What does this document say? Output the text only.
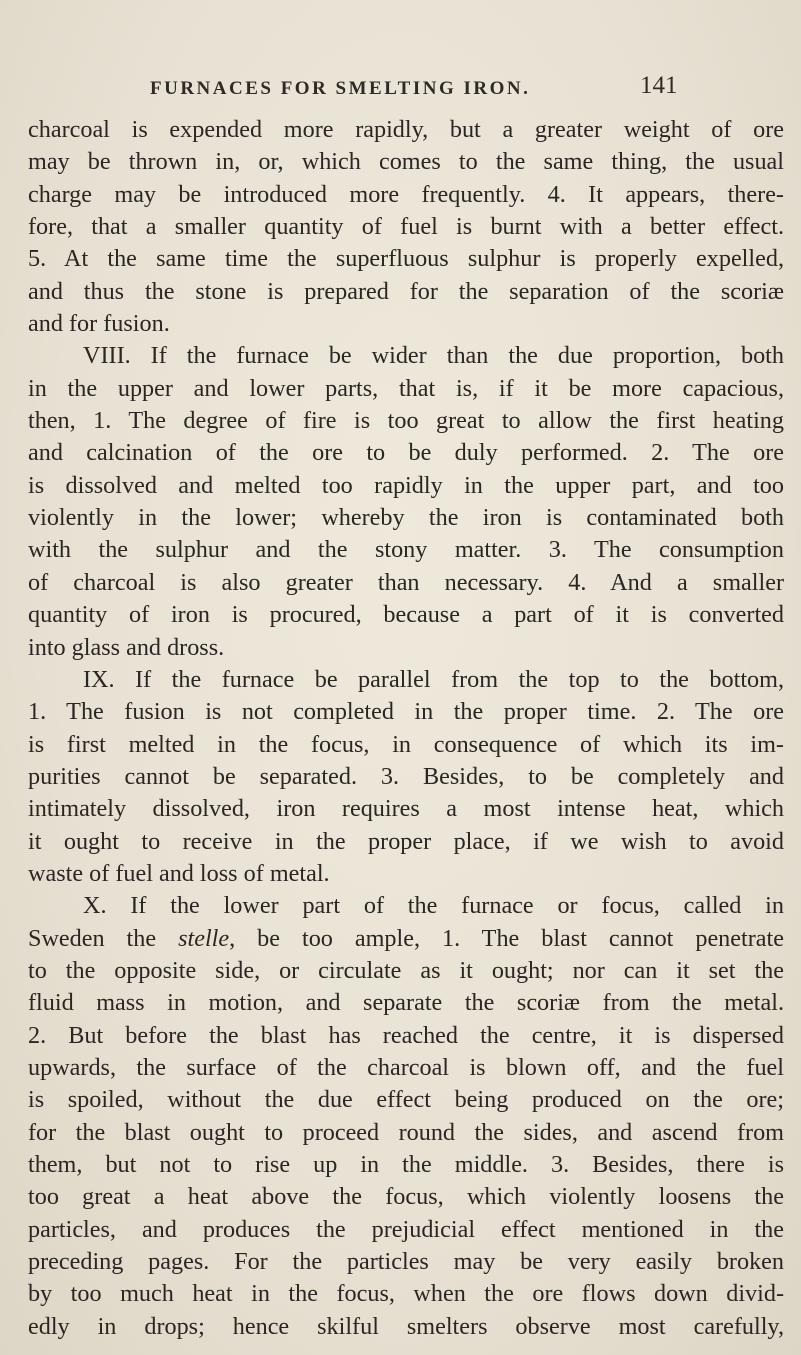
FURNACES FOR SMELTING IRON.	141
charcoal is expended more rapidly, but a greater weight of ore
may be thrown in, or, which comes to the same thing, the usual
charge may be introduced more frequently. 4. It appears, there-
fore, that a smaller quantity of fuel is burnt with a better effect.
5. At the same time the superfluous sulphur is properly expelled,
and thus the stone is prepared for the separation of the scoriæ
and for fusion.
VIII. If the furnace be wider than the due proportion, both
in the upper and lower parts, that is, if it be more capacious,
then, 1. The degree of fire is too great to allow the first heating
and calcination of the ore to be duly performed. 2. The ore
is dissolved and melted too rapidly in the upper part, and too
violently in the lower; whereby the iron is contaminated both
with the sulphur and the stony matter. 3. The consumption
of charcoal is also greater than necessary. 4. And a smaller
quantity of iron is procured, because a part of it is converted
into glass and dross.
IX. If the furnace be parallel from the top to the bottom,
1. The fusion is not completed in the proper time. 2. The ore
is first melted in the focus, in consequence of which its im-
purities cannot be separated. 3. Besides, to be completely and
intimately dissolved, iron requires a most intense heat, which
it ought to receive in the proper place, if we wish to avoid
waste of fuel and loss of metal.
X. If the lower part of the furnace or focus, called in
Sweden the stelle, be too ample, 1. The blast cannot penetrate
to the opposite side, or circulate as it ought; nor can it set the
fluid mass in motion, and separate the scoriæ from the metal.
2. But before the blast has reached the centre, it is dispersed
upwards, the surface of the charcoal is blown off, and the fuel
is spoiled, without the due effect being produced on the ore;
for the blast ought to proceed round the sides, and ascend from
them, but not to rise up in the middle. 3. Besides, there is
too great a heat above the focus, which violently loosens the
particles, and produces the prejudicial effect mentioned in the
preceding pages. For the particles may be very easily broken
by too much heat in the focus, when the ore flows down divid-
edly in drops; hence skilful smelters observe most carefully,
